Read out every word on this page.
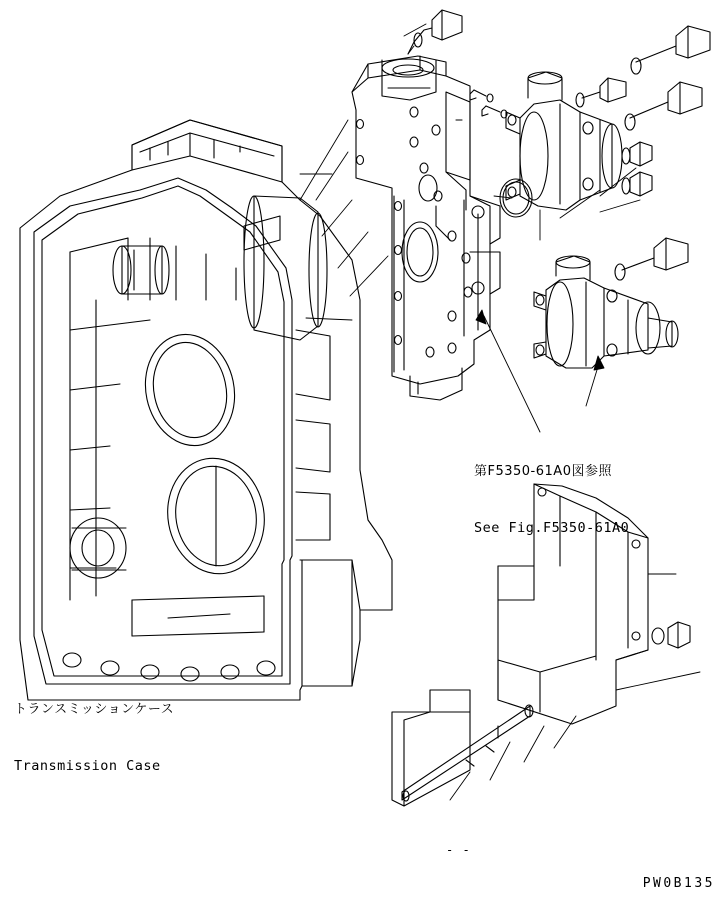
トランスミッションケース

Transmission Case

第F5350-61A0図参照

See Fig.F5350-61A0

- -
PW0B135
